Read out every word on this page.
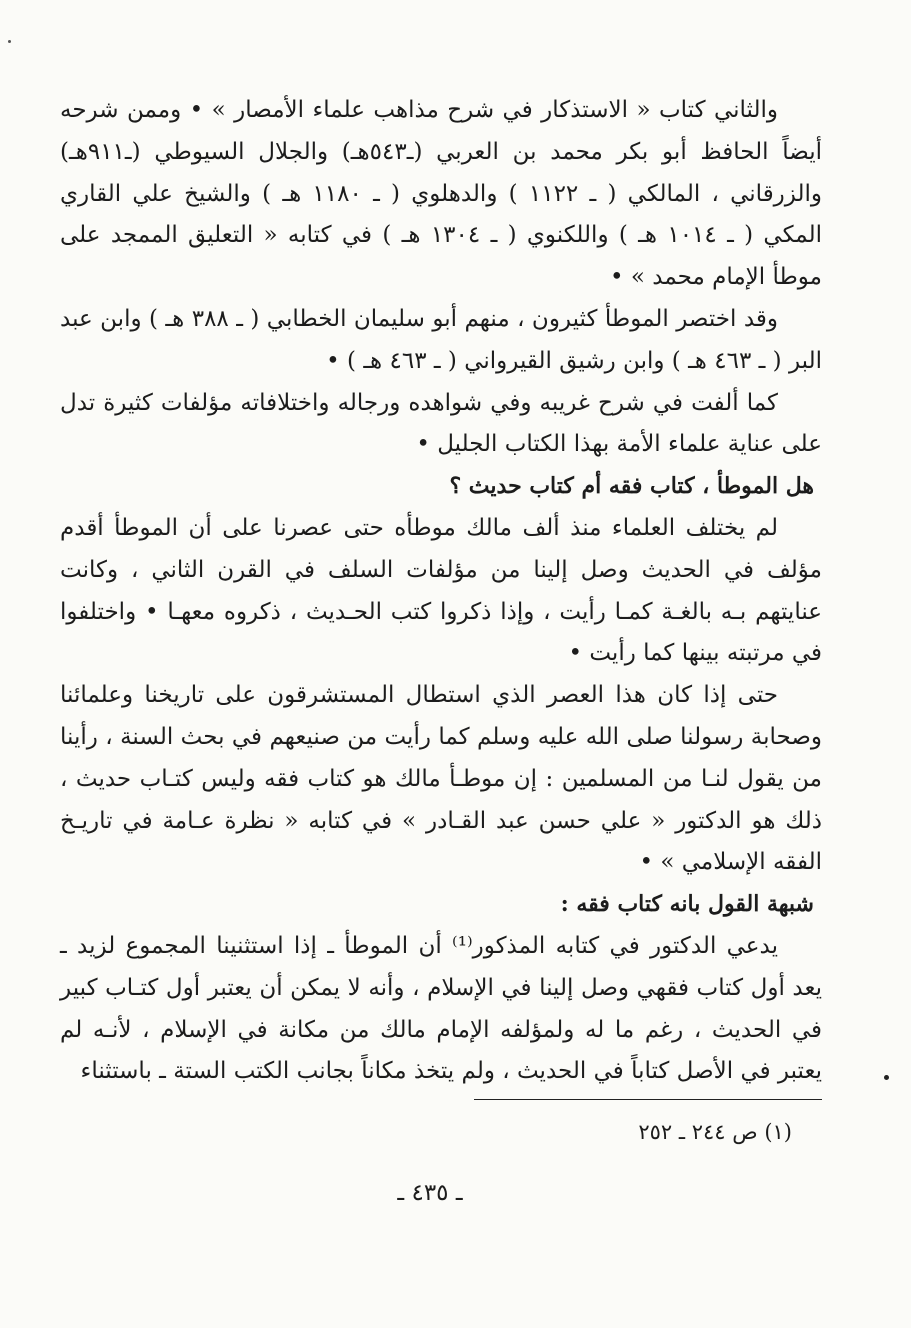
والثاني كتاب « الاستذكار في شرح مذاهب علماء الأمصار » • وممن شرحه أيضاً الحافظ أبو بكر محمد بن العربي (ـ٥٤٣هـ) والجلال السيوطي (ـ٩١١هـ) والزرقاني ، المالكي ( ـ ١١٢٢ ) والدهلوي ( ـ ١١٨٠ هـ ) والشيخ علي القاري المكي ( ـ ١٠١٤ هـ ) واللكنوي ( ـ ١٣٠٤ هـ ) في كتابه « التعليق الممجد على موطأ الإمام محمد » •

وقد اختصر الموطأ كثيرون ، منهم أبو سليمان الخطابي ( ـ ٣٨٨ هـ ) وابن عبد البر ( ـ ٤٦٣ هـ ) وابن رشيق القيرواني ( ـ ٤٦٣ هـ ) •

كما ألفت في شرح غريبه وفي شواهده ورجاله واختلافاته مؤلفات كثيرة تدل على عناية علماء الأمة بهذا الكتاب الجليل •

هل الموطأ ، كتاب فقه أم كتاب حديث ؟

لم يختلف العلماء منذ ألف مالك موطأه حتى عصرنا على أن الموطأ أقدم مؤلف في الحديث وصل إلينا من مؤلفات السلف في القرن الثاني ، وكانت عنايتهم بـه بالغـة كمـا رأيت ، وإذا ذكروا كتب الحـديث ، ذكروه معهـا • واختلفوا في مرتبته بينها كما رأيت •

حتى إذا كان هذا العصر الذي استطال المستشرقون على تاريخنا وعلمائنا وصحابة رسولنا صلى الله عليه وسلم كما رأيت من صنيعهم في بحث السنة ، رأينا من يقول لنـا من المسلمين : إن موطـأ مالك هو كتاب فقه وليس كتـاب حديث ، ذلك هو الدكتور « علي حسن عبد القـادر » في كتابه « نظرة عـامة في تاريـخ الفقه الإسلامي » •

شبهة القول بانه كتاب فقه :

يدعي الدكتور في كتابه المذكور⁽¹⁾ أن الموطأ ـ إذا استثنينا المجموع لزيد ـ يعد أول كتاب فقهي وصل إلينا في الإسلام ، وأنه لا يمكن أن يعتبر أول كتـاب كبير في الحديث ، رغم ما له ولمؤلفه الإمام مالك من مكانة في الإسلام ، لأنـه لم يعتبر في الأصل كتاباً في الحديث ، ولم يتخذ مكاناً بجانب الكتب الستة ـ باستثناء

(١) ص ٢٤٤ ـ ٢٥٢
ـ ٤٣٥ ـ
